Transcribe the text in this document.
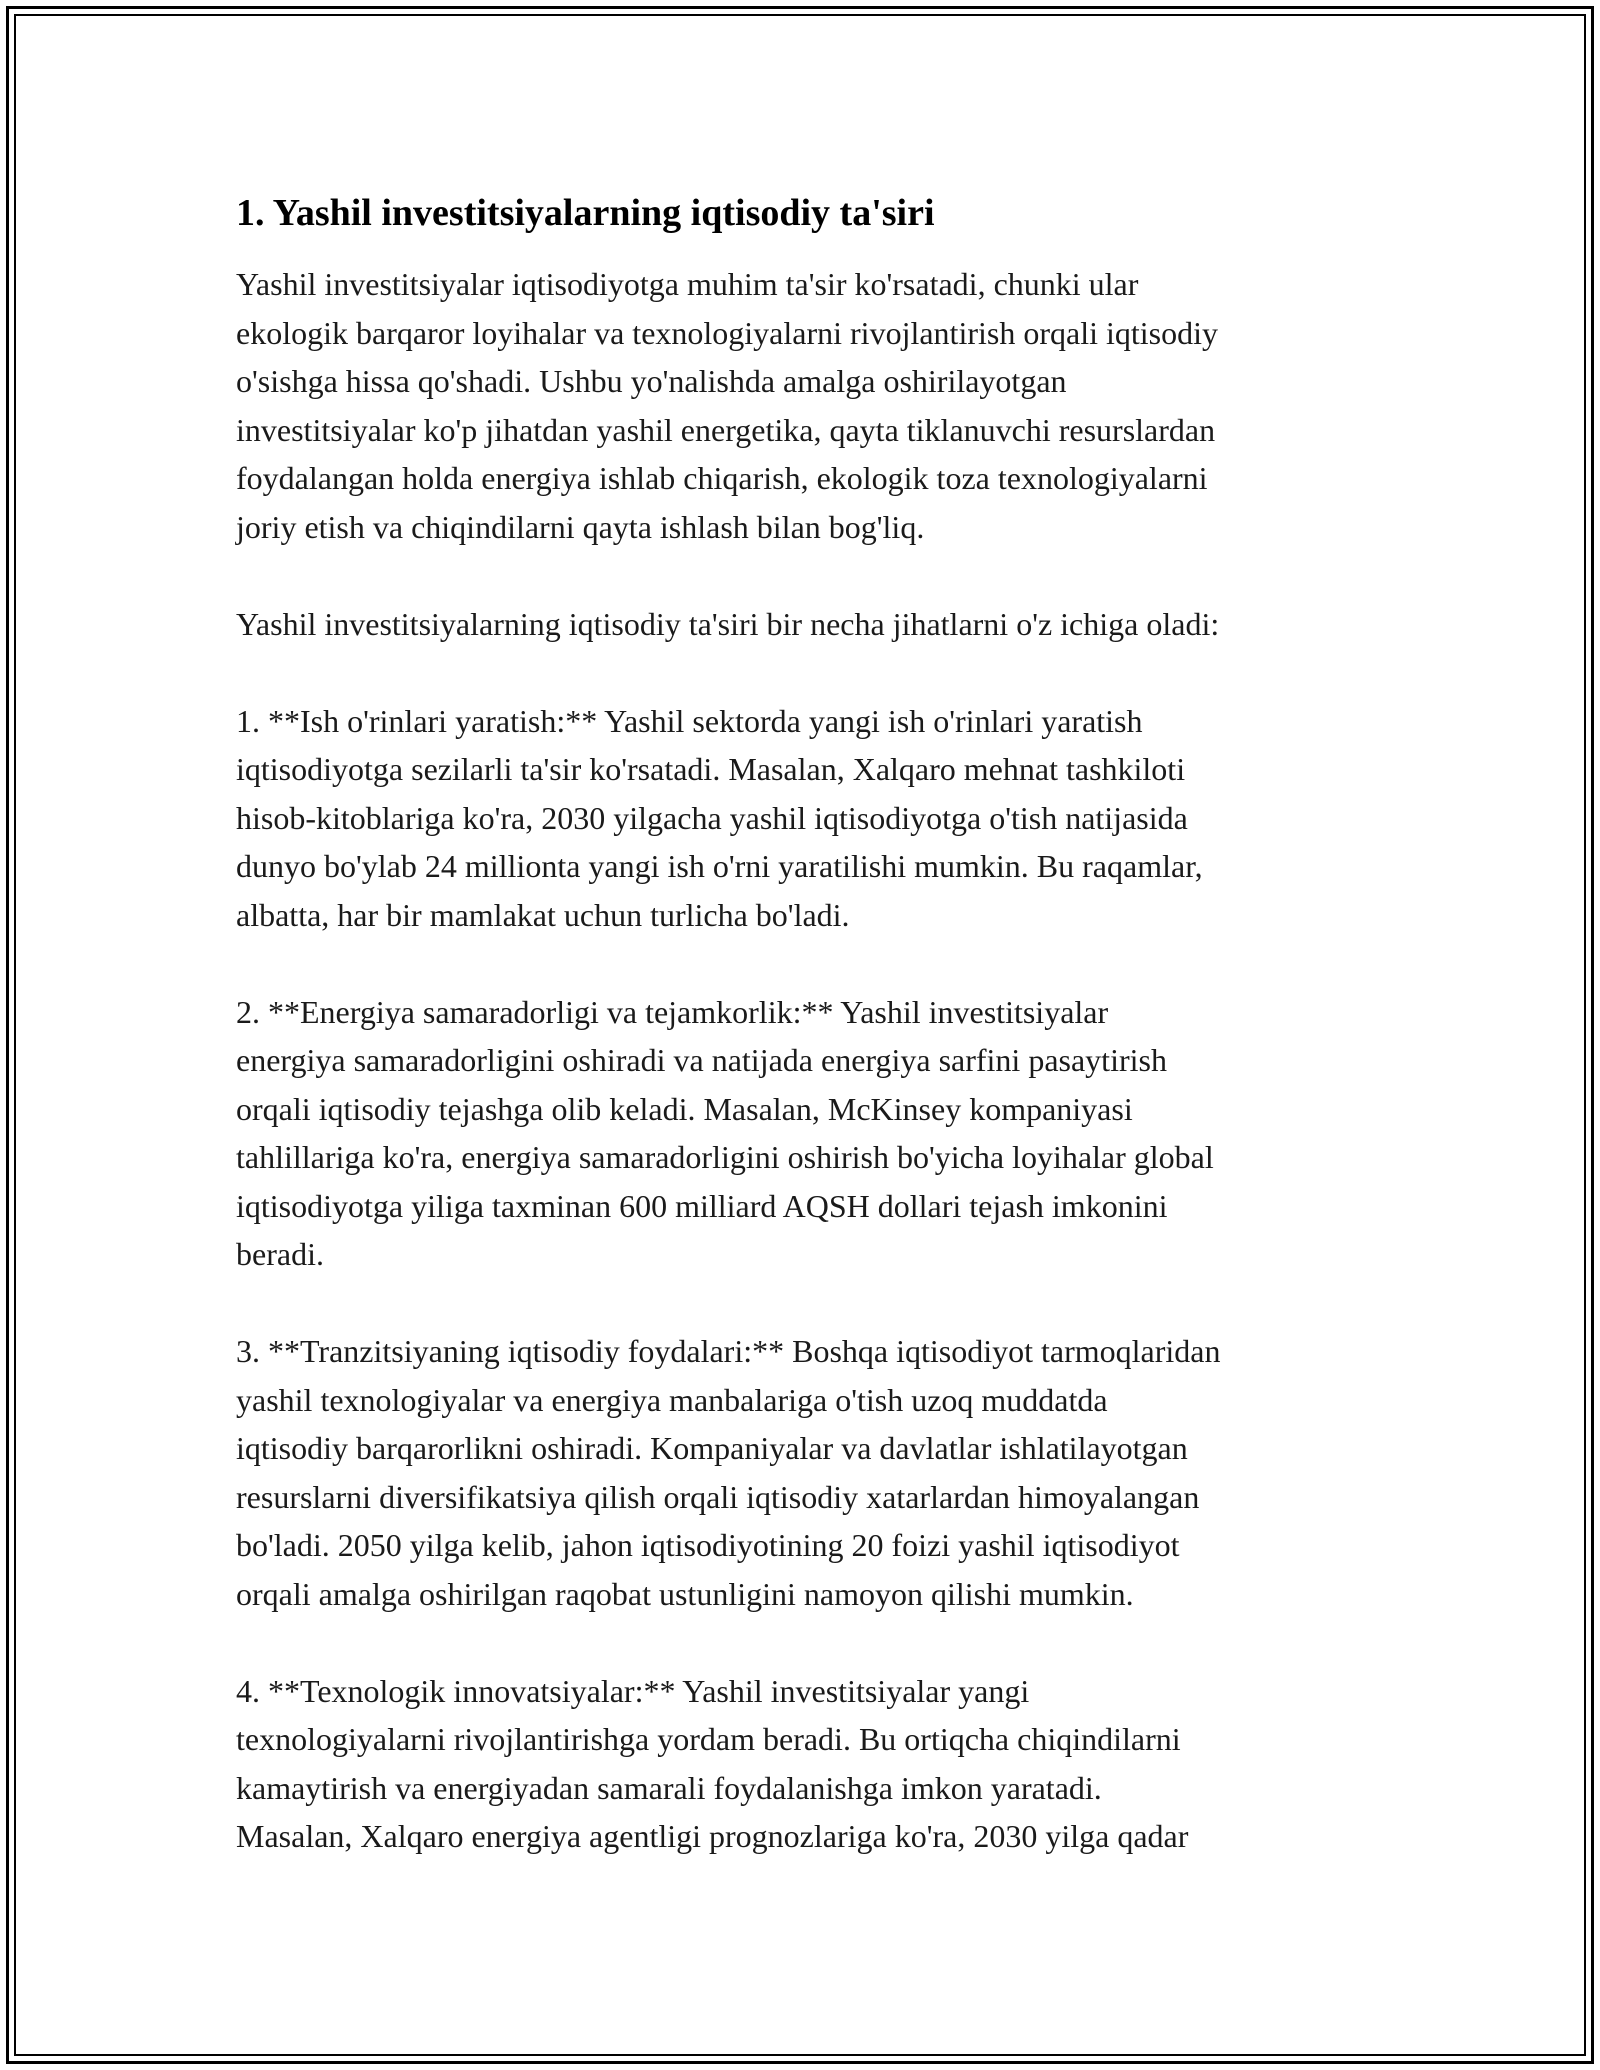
1. Yashil investitsiyalarning iqtisodiy ta'siri

Yashil investitsiyalar iqtisodiyotga muhim ta'sir ko'rsatadi, chunki ular
ekologik barqaror loyihalar va texnologiyalarni rivojlantirish orqali iqtisodiy
o'sishga hissa qo'shadi. Ushbu yo'nalishda amalga oshirilayotgan
investitsiyalar ko'p jihatdan yashil energetika, qayta tiklanuvchi resurslardan
foydalangan holda energiya ishlab chiqarish, ekologik toza texnologiyalarni
joriy etish va chiqindilarni qayta ishlash bilan bog'liq.

Yashil investitsiyalarning iqtisodiy ta'siri bir necha jihatlarni o'z ichiga oladi:

1. **Ish o'rinlari yaratish:** Yashil sektorda yangi ish o'rinlari yaratish
iqtisodiyotga sezilarli ta'sir ko'rsatadi. Masalan, Xalqaro mehnat tashkiloti
hisob-kitoblariga ko'ra, 2030 yilgacha yashil iqtisodiyotga o'tish natijasida
dunyo bo'ylab 24 millionta yangi ish o'rni yaratilishi mumkin. Bu raqamlar,
albatta, har bir mamlakat uchun turlicha bo'ladi.

2. **Energiya samaradorligi va tejamkorlik:** Yashil investitsiyalar
energiya samaradorligini oshiradi va natijada energiya sarfini pasaytirish
orqali iqtisodiy tejashga olib keladi. Masalan, McKinsey kompaniyasi
tahlillariga ko'ra, energiya samaradorligini oshirish bo'yicha loyihalar global
iqtisodiyotga yiliga taxminan 600 milliard AQSH dollari tejash imkonini
beradi.

3. **Tranzitsiyaning iqtisodiy foydalari:** Boshqa iqtisodiyot tarmoqlaridan
yashil texnologiyalar va energiya manbalariga o'tish uzoq muddatda
iqtisodiy barqarorlikni oshiradi. Kompaniyalar va davlatlar ishlatilayotgan
resurslarni diversifikatsiya qilish orqali iqtisodiy xatarlardan himoyalangan
bo'ladi. 2050 yilga kelib, jahon iqtisodiyotining 20 foizi yashil iqtisodiyot
orqali amalga oshirilgan raqobat ustunligini namoyon qilishi mumkin.

4. **Texnologik innovatsiyalar:** Yashil investitsiyalar yangi
texnologiyalarni rivojlantirishga yordam beradi. Bu ortiqcha chiqindilarni
kamaytirish va energiyadan samarali foydalanishga imkon yaratadi.
Masalan, Xalqaro energiya agentligi prognozlariga ko'ra, 2030 yilga qadar
